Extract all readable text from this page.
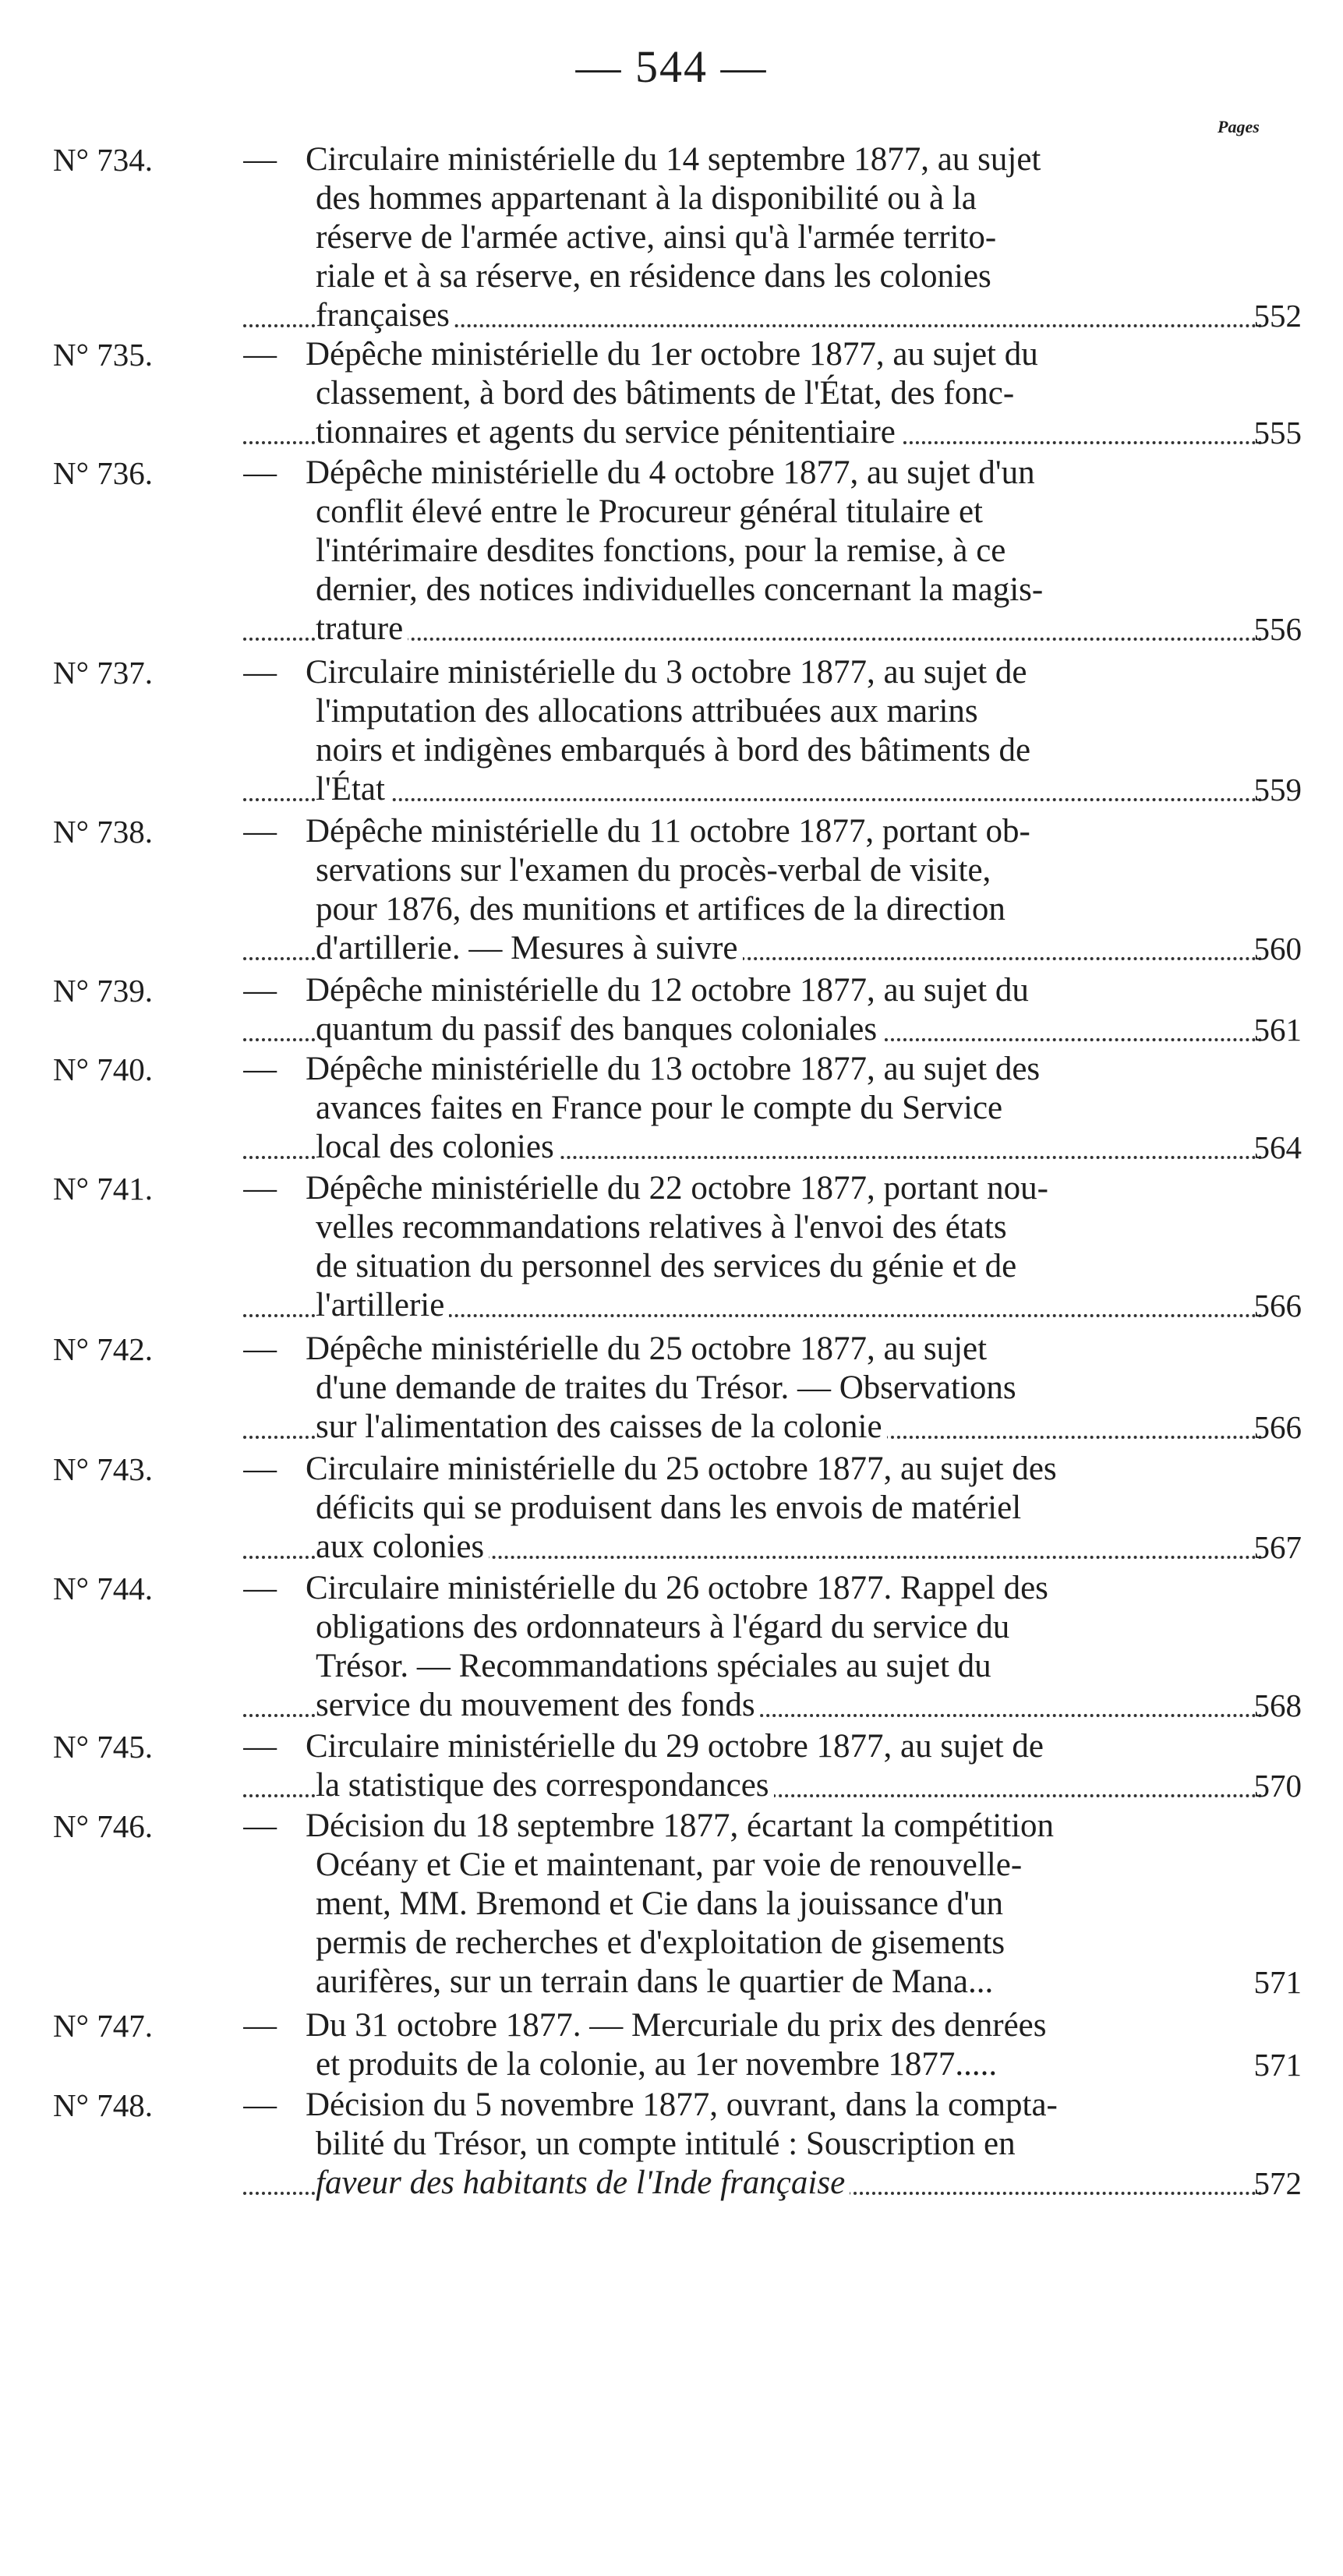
— 544 —
Pages
N° 734.	— Circulaire ministérielle du 14 septembre 1877, au sujet
des hommes appartenant à la disponibilité ou à la
réserve de l'armée active, ainsi qu'à l'armée territo-
riale et à sa réserve, en résidence dans les colonies
françaises	552
N° 735.	— Dépêche ministérielle du 1er octobre 1877, au sujet du
classement, à bord des bâtiments de l'État, des fonc-
tionnaires et agents du service pénitentiaire	555
N° 736.	— Dépêche ministérielle du 4 octobre 1877, au sujet d'un
conflit élevé entre le Procureur général titulaire et
l'intérimaire desdites fonctions, pour la remise, à ce
dernier, des notices individuelles concernant la magis-
trature	556
N° 737.	— Circulaire ministérielle du 3 octobre 1877, au sujet de
l'imputation des allocations attribuées aux marins
noirs et indigènes embarqués à bord des bâtiments de
l'État	559
N° 738.	— Dépêche ministérielle du 11 octobre 1877, portant ob-
servations sur l'examen du procès-verbal de visite,
pour 1876, des munitions et artifices de la direction
d'artillerie. — Mesures à suivre	560
N° 739.	— Dépêche ministérielle du 12 octobre 1877, au sujet du
quantum du passif des banques coloniales	561
N° 740.	— Dépêche ministérielle du 13 octobre 1877, au sujet des
avances faites en France pour le compte du Service
local des colonies	564
N° 741.	— Dépêche ministérielle du 22 octobre 1877, portant nou-
velles recommandations relatives à l'envoi des états
de situation du personnel des services du génie et de
l'artillerie	566
N° 742.	— Dépêche ministérielle du 25 octobre 1877, au sujet
d'une demande de traites du Trésor. — Observations
sur l'alimentation des caisses de la colonie	566
N° 743.	— Circulaire ministérielle du 25 octobre 1877, au sujet des
déficits qui se produisent dans les envois de matériel
aux colonies	567
N° 744.	— Circulaire ministérielle du 26 octobre 1877. Rappel des
obligations des ordonnateurs à l'égard du service du
Trésor. — Recommandations spéciales au sujet du
service du mouvement des fonds	568
N° 745.	— Circulaire ministérielle du 29 octobre 1877, au sujet de
la statistique des correspondances	570
N° 746.	— Décision du 18 septembre 1877, écartant la compétition
Océany et Cie et maintenant, par voie de renouvelle-
ment, MM. Bremond et Cie dans la jouissance d'un
permis de recherches et d'exploitation de gisements
aurifères, sur un terrain dans le quartier de Mana...	571
N° 747.	— Du 31 octobre 1877. — Mercuriale du prix des denrées
et produits de la colonie, au 1er novembre 1877.....	571
N° 748.	— Décision du 5 novembre 1877, ouvrant, dans la compta-
bilité du Trésor, un compte intitulé : Souscription en
faveur des habitants de l'Inde française	572
